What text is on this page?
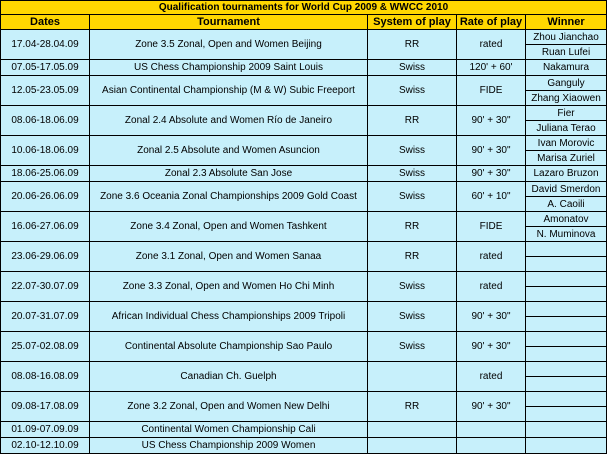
Qualification tournaments for World Cup 2009 & WWCC 2010				
Dates	Tournament	System of play	Rate of play	Winner
17.04-28.04.09	Zone 3.5 Zonal, Open and Women Beijing	RR	rated	Zhou Jianchao
				Ruan Lufei
07.05-17.05.09	US Chess Championship 2009 Saint Louis	Swiss	120' + 60'	Nakamura
12.05-23.05.09	Asian Continental Championship (M & W) Subic Freeport	Swiss	FIDE	Ganguly
				Zhang Xiaowen
08.06-18.06.09	Zonal 2.4 Absolute and Women Río de Janeiro	RR	90' + 30"	Fier
				Juliana Terao
10.06-18.06.09	Zonal 2.5 Absolute and Women Asuncion	Swiss	90' + 30"	Ivan Morovic
				Marisa Zuriel
18.06-25.06.09	Zonal 2.3 Absolute San Jose	Swiss	90' + 30"	Lazaro Bruzon
20.06-26.06.09	Zone 3.6 Oceania Zonal Championships 2009 Gold Coast	Swiss	60' + 10"	David Smerdon
				A. Caoili
16.06-27.06.09	Zone 3.4 Zonal, Open and Women Tashkent	RR	FIDE	Amonatov
				N. Muminova
23.06-29.06.09	Zone 3.1 Zonal, Open and Women Sanaa	RR	rated	

22.07-30.07.09	Zone 3.3 Zonal, Open and Women Ho Chi Minh	Swiss	rated	

20.07-31.07.09	African Individual Chess Championships 2009 Tripoli	Swiss	90' + 30"	

25.07-02.08.09	Continental Absolute Championship Sao Paulo	Swiss	90' + 30"	

08.08-16.08.09	Canadian Ch. Guelph		rated	

09.08-17.08.09	Zone 3.2 Zonal, Open and Women New Delhi	RR	90' + 30"	

01.09-07.09.09	Continental Women Championship Cali			
02.10-12.10.09	US Chess Championship 2009 Women			
